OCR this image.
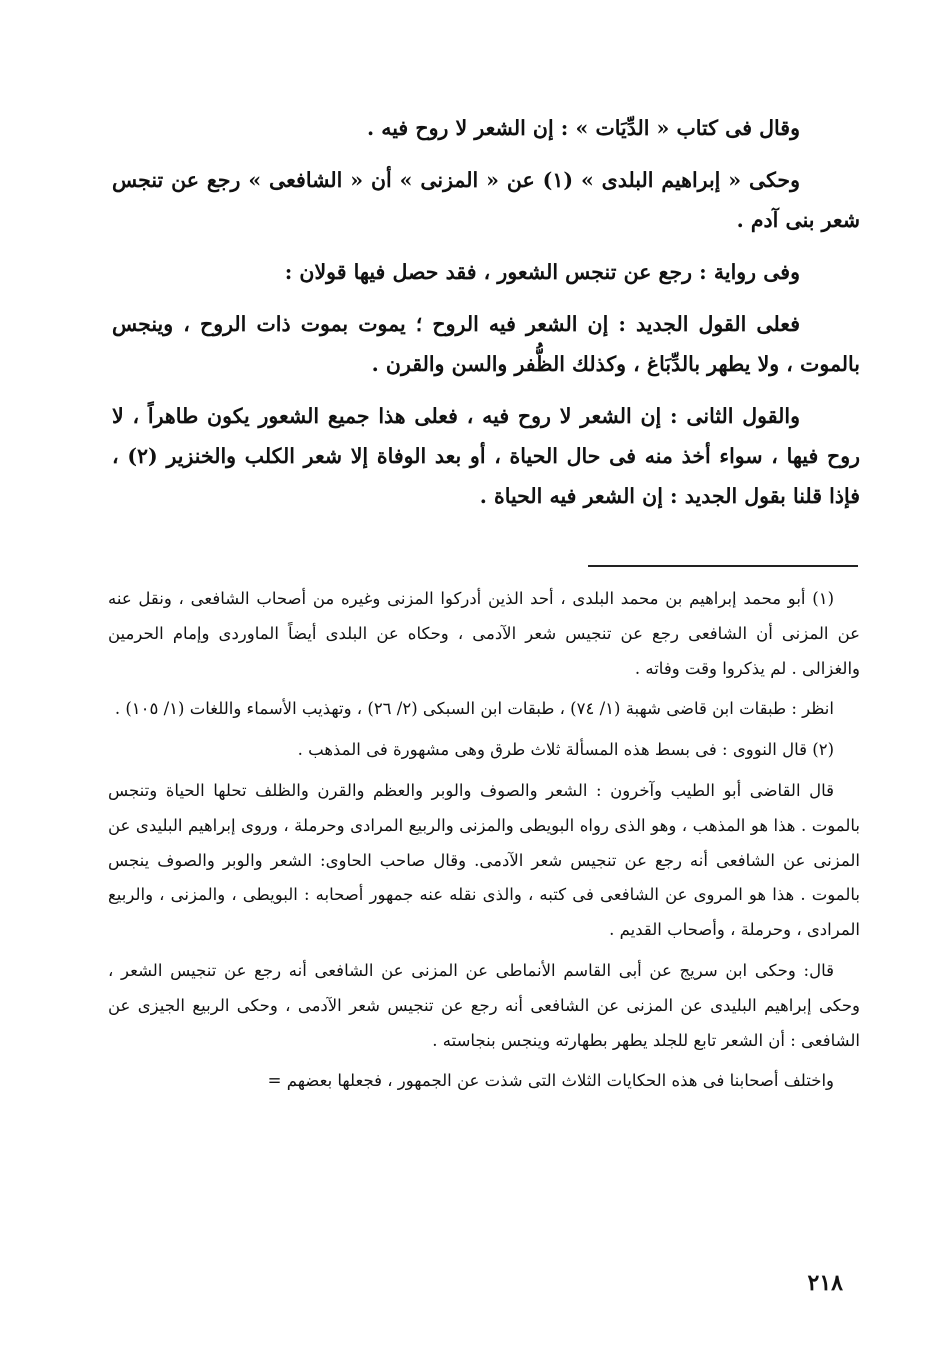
وقال فى كتاب « الدِّيَات » : إن الشعر لا روح فيه .

وحكى « إبراهيم البلدى » (١) عن « المزنى » أن « الشافعى » رجع عن تنجس شعر بنى آدم .

وفى رواية : رجع عن تنجس الشعور ، فقد حصل فيها قولان :

فعلى القول الجديد : إن الشعر فيه الروح ؛ يموت بموت ذات الروح ، وينجس بالموت ، ولا يطهر بالدِّبَاغ ، وكذلك الظُّفر والسن والقرن .

والقول الثانى : إن الشعر لا روح فيه ، فعلى هذا جميع الشعور يكون طاهراً ، لا روح فيها ، سواء أخذ منه فى حال الحياة ، أو بعد الوفاة إلا شعر الكلب والخنزير (٢) ، فإذا قلنا بقول الجديد : إن الشعر فيه الحياة .

(١) أبو محمد إبراهيم بن محمد البلدى ، أحد الذين أدركوا المزنى وغيره من أصحاب الشافعى ، ونقل عنه عن المزنى أن الشافعى رجع عن تنجيس شعر الآدمى ، وحكاه عن البلدى أيضاً الماوردى وإمام الحرمين والغزالى . لم يذكروا وقت وفاته .

انظر : طبقات ابن قاضى شهبة (١/ ٧٤) ، طبقات ابن السبكى (٢/ ٢٦) ، وتهذيب الأسماء واللغات (١/ ١٠٥) .

(٢) قال النووى : فى بسط هذه المسألة ثلاث طرق وهى مشهورة فى المذهب .

قال القاضى أبو الطيب وآخرون : الشعر والصوف والوبر والعظم والقرن والظلف تحلها الحياة وتنجس بالموت . هذا هو المذهب ، وهو الذى رواه البويطى والمزنى والربيع المرادى وحرملة ، وروى إبراهيم البليدى عن المزنى عن الشافعى أنه رجع عن تنجيس شعر الآدمى. وقال صاحب الحاوى: الشعر والوبر والصوف ينجس بالموت . هذا هو المروى عن الشافعى فى كتبه ، والذى نقله عنه جمهور أصحابه : البويطى ، والمزنى ، والربيع المرادى ، وحرملة ، وأصحاب القديم .

قال: وحكى ابن سريج عن أبى القاسم الأنماطى عن المزنى عن الشافعى أنه رجع عن تنجيس الشعر ، وحكى إبراهيم البليدى عن المزنى عن الشافعى أنه رجع عن تنجيس شعر الآدمى ، وحكى الربيع الجيزى عن الشافعى : أن الشعر تابع للجلد يطهر بطهارته وينجس بنجاسته .

واختلف أصحابنا فى هذه الحكايات الثلاث التى شذت عن الجمهور ، فجعلها بعضهم =

٢١٨
